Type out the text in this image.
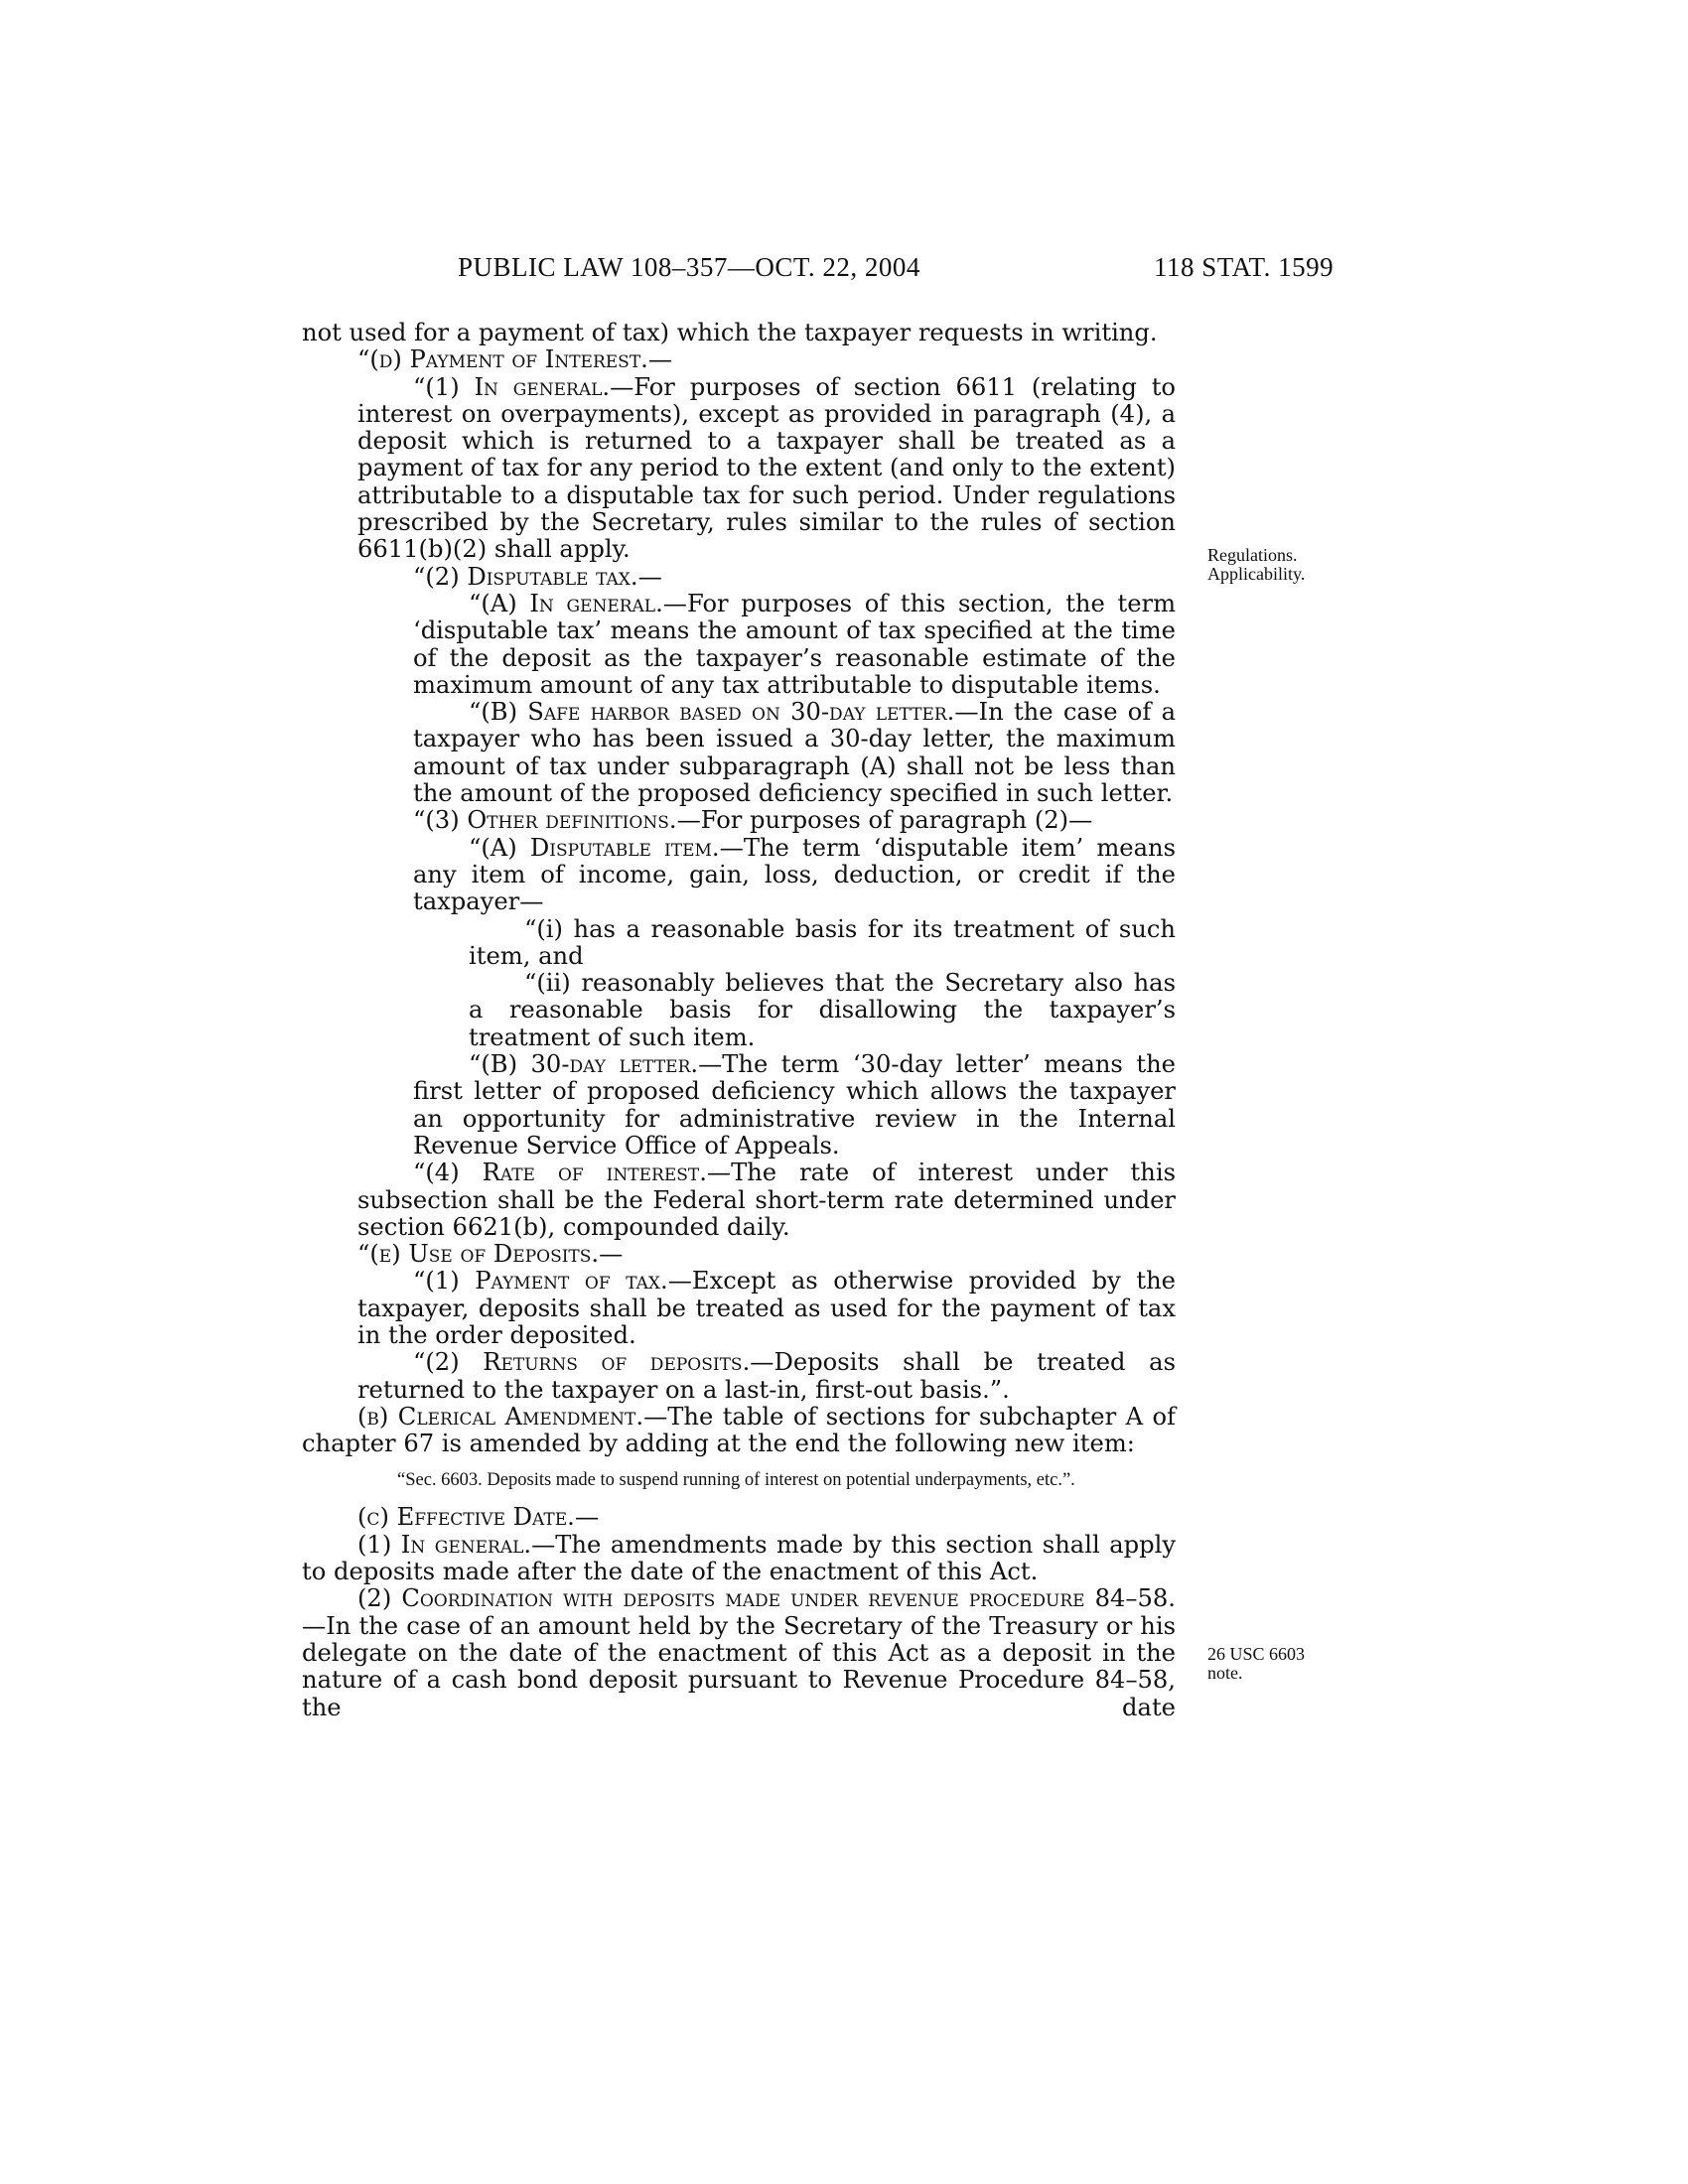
PUBLIC LAW 108–357—OCT. 22, 2004	118 STAT. 1599

not used for a payment of tax) which the taxpayer requests in writing.

“(d) Payment of Interest.—

“(1) In general.—For purposes of section 6611 (relating to interest on overpayments), except as provided in paragraph (4), a deposit which is returned to a taxpayer shall be treated as a payment of tax for any period to the extent (and only to the extent) attributable to a disputable tax for such period. Under regulations prescribed by the Secretary, rules similar to the rules of section 6611(b)(2) shall apply.

“(2) Disputable tax.—

“(A) In general.—For purposes of this section, the term ‘disputable tax’ means the amount of tax specified at the time of the deposit as the taxpayer’s reasonable estimate of the maximum amount of any tax attributable to disputable items.

“(B) Safe harbor based on 30-day letter.—In the case of a taxpayer who has been issued a 30-day letter, the maximum amount of tax under subparagraph (A) shall not be less than the amount of the proposed deficiency specified in such letter.

“(3) Other definitions.—For purposes of paragraph (2)—

“(A) Disputable item.—The term ‘disputable item’ means any item of income, gain, loss, deduction, or credit if the taxpayer—

“(i) has a reasonable basis for its treatment of such item, and

“(ii) reasonably believes that the Secretary also has a reasonable basis for disallowing the taxpayer’s treatment of such item.

“(B) 30-day letter.—The term ‘30-day letter’ means the first letter of proposed deficiency which allows the taxpayer an opportunity for administrative review in the Internal Revenue Service Office of Appeals.

“(4) Rate of interest.—The rate of interest under this subsection shall be the Federal short-term rate determined under section 6621(b), compounded daily.

“(e) Use of Deposits.—

“(1) Payment of tax.—Except as otherwise provided by the taxpayer, deposits shall be treated as used for the payment of tax in the order deposited.

“(2) Returns of deposits.—Deposits shall be treated as returned to the taxpayer on a last-in, first-out basis.”.

(b) Clerical Amendment.—The table of sections for subchapter A of chapter 67 is amended by adding at the end the following new item:

“Sec. 6603. Deposits made to suspend running of interest on potential underpayments, etc.”.

(c) Effective Date.—

(1) In general.—The amendments made by this section shall apply to deposits made after the date of the enactment of this Act.

(2) Coordination with deposits made under revenue procedure 84–58.—In the case of an amount held by the Secretary of the Treasury or his delegate on the date of the enactment of this Act as a deposit in the nature of a cash bond deposit pursuant to Revenue Procedure 84–58, the date

Regulations.
Applicability.
26 USC 6603
note.
